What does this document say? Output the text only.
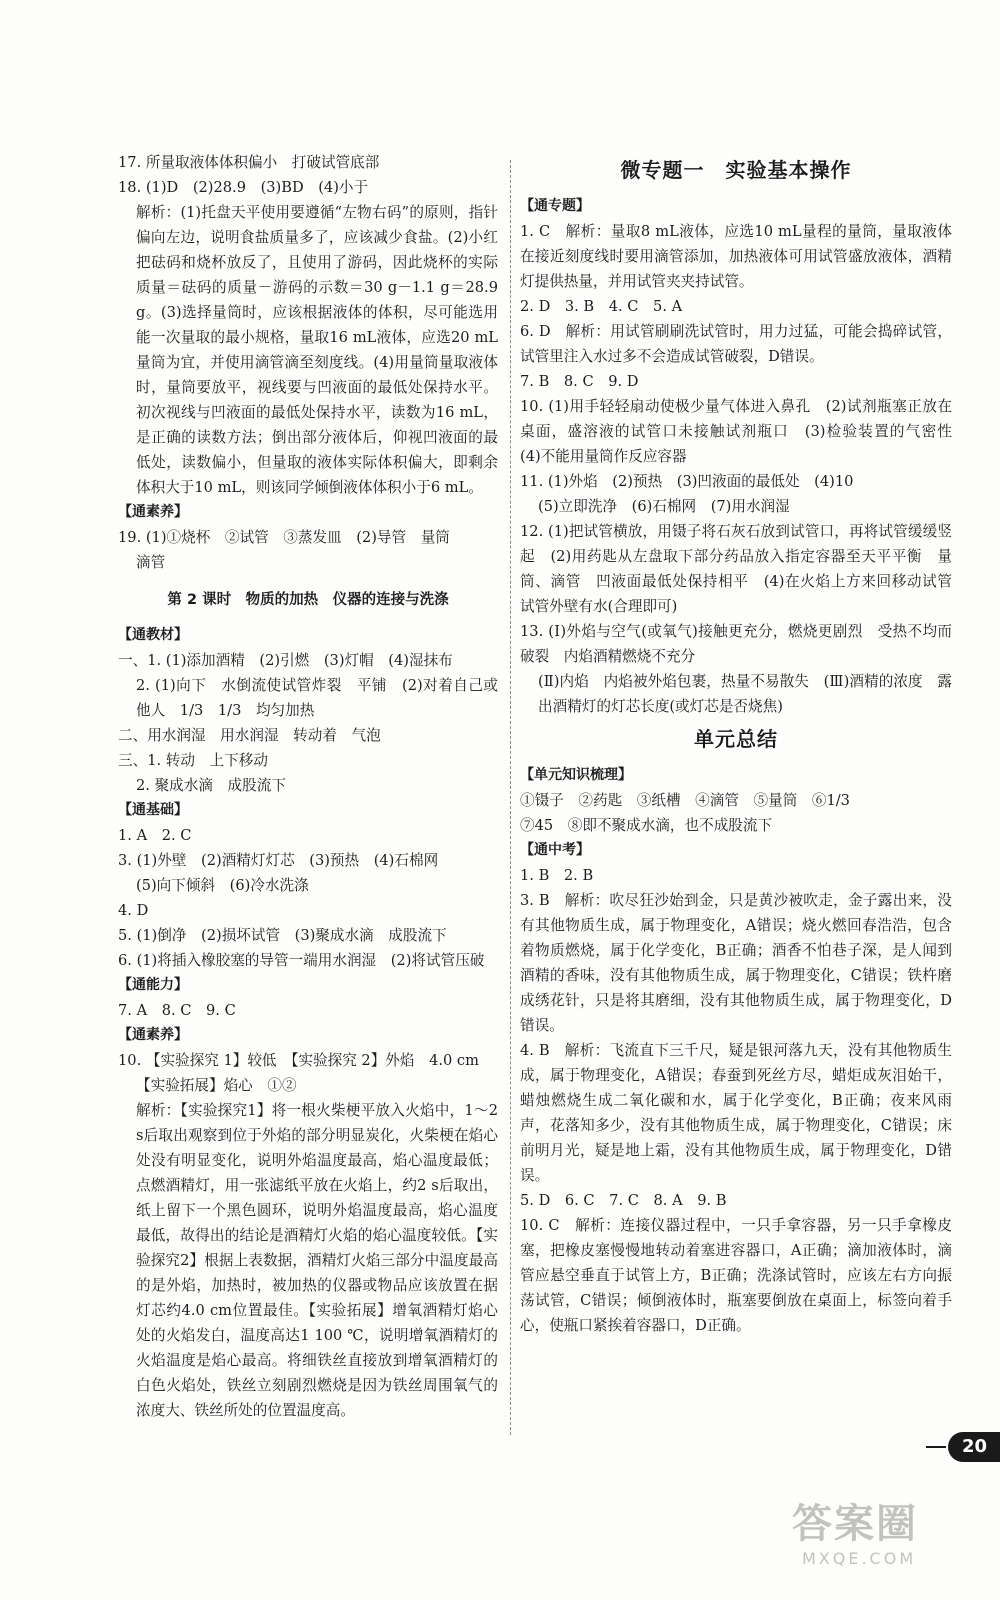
17. 所量取液体体积偏小　打破试管底部
18. (1)D　(2)28.9　(3)BD　(4)小于
解析：(1)托盘天平使用要遵循“左物右码”的原则，指针偏向左边，说明食盐质量多了，应该减少食盐。(2)小红把砝码和烧杯放反了，且使用了游码，因此烧杯的实际质量＝砝码的质量－游码的示数＝30 g－1.1 g＝28.9 g。(3)选择量筒时，应该根据液体的体积，尽可能选用能一次量取的最小规格，量取16 mL液体，应选20 mL量筒为宜，并使用滴管滴至刻度线。(4)用量筒量取液体时，量筒要放平，视线要与凹液面的最低处保持水平。初次视线与凹液面的最低处保持水平，读数为16 mL，是正确的读数方法；倒出部分液体后，仰视凹液面的最低处，读数偏小，但量取的液体实际体积偏大，即剩余体积大于10 mL，则该同学倾倒液体体积小于6 mL。
【通素养】
19. (1)①烧杯　②试管　③蒸发皿　(2)导管　量筒
滴管
第 2 课时　物质的加热　仪器的连接与洗涤
【通教材】
一、1. (1)添加酒精　(2)引燃　(3)灯帽　(4)湿抹布
2. (1)向下　水倒流使试管炸裂　平铺　(2)对着自己或他人　1/3　1/3　均匀加热
二、用水润湿　用水润湿　转动着　气泡
三、1. 转动　上下移动
2. 聚成水滴　成股流下
【通基础】
1. A　2. C
3. (1)外壁　(2)酒精灯灯芯　(3)预热　(4)石棉网
(5)向下倾斜　(6)冷水洗涤
4. D
5. (1)倒净　(2)损坏试管　(3)聚成水滴　成股流下
6. (1)将插入橡胶塞的导管一端用水润湿　(2)将试管压破
【通能力】
7. A　8. C　9. C
【通素养】
10. 【实验探究 1】较低　【实验探究 2】外焰　4.0 cm
【实验拓展】焰心　①②
解析：【实验探究1】将一根火柴梗平放入火焰中，1～2 s后取出观察到位于外焰的部分明显炭化，火柴梗在焰心处没有明显变化，说明外焰温度最高，焰心温度最低；点燃酒精灯，用一张滤纸平放在火焰上，约2 s后取出，纸上留下一个黑色圆环，说明外焰温度最高，焰心温度最低，故得出的结论是酒精灯火焰的焰心温度较低。【实验探究2】根据上表数据，酒精灯火焰三部分中温度最高的是外焰，加热时，被加热的仪器或物品应该放置在据灯芯约4.0 cm位置最佳。【实验拓展】增氧酒精灯焰心处的火焰发白，温度高达1 100 ℃，说明增氧酒精灯的火焰温度是焰心最高。将细铁丝直接放到增氧酒精灯的白色火焰处，铁丝立刻剧烈燃烧是因为铁丝周围氧气的浓度大、铁丝所处的位置温度高。
微专题一　实验基本操作
【通专题】
1. C　解析：量取8 mL液体，应选10 mL量程的量筒，量取液体在接近刻度线时要用滴管添加，加热液体可用试管盛放液体，酒精灯提供热量，并用试管夹夹持试管。
2. D　3. B　4. C　5. A
6. D　解析：用试管刷刷洗试管时，用力过猛，可能会捣碎试管，试管里注入水过多不会造成试管破裂，D错误。
7. B　8. C　9. D
10. (1)用手轻轻扇动使极少量气体进入鼻孔　(2)试剂瓶塞正放在桌面，盛溶液的试管口未接触试剂瓶口　(3)检验装置的气密性　(4)不能用量筒作反应容器
11. (1)外焰　(2)预热　(3)凹液面的最低处　(4)10
(5)立即洗净　(6)石棉网　(7)用水润湿
12. (1)把试管横放，用镊子将石灰石放到试管口，再将试管缓缓竖起　(2)用药匙从左盘取下部分药品放入指定容器至天平平衡　量筒、滴管　凹液面最低处保持相平　(4)在火焰上方来回移动试管　试管外壁有水(合理即可)
13. (Ⅰ)外焰与空气(或氧气)接触更充分，燃烧更剧烈　受热不均而破裂　内焰酒精燃烧不充分
(Ⅱ)内焰　内焰被外焰包裹，热量不易散失　(Ⅲ)酒精的浓度　露出酒精灯的灯芯长度(或灯芯是否烧焦)
单元总结
【单元知识梳理】
①镊子　②药匙　③纸槽　④滴管　⑤量筒　⑥1/3
⑦45　⑧即不聚成水滴，也不成股流下
【通中考】
1. B　2. B
3. B　解析：吹尽狂沙始到金，只是黄沙被吹走，金子露出来，没有其他物质生成，属于物理变化，A错误；烧火燃回春浩浩，包含着物质燃烧，属于化学变化，B正确；酒香不怕巷子深，是人闻到酒精的香味，没有其他物质生成，属于物理变化，C错误；铁杵磨成绣花针，只是将其磨细，没有其他物质生成，属于物理变化，D错误。
4. B　解析：飞流直下三千尺，疑是银河落九天，没有其他物质生成，属于物理变化，A错误；春蚕到死丝方尽，蜡炬成灰泪始干，蜡烛燃烧生成二氧化碳和水，属于化学变化，B正确；夜来风雨声，花落知多少，没有其他物质生成，属于物理变化，C错误；床前明月光，疑是地上霜，没有其他物质生成，属于物理变化，D错误。
5. D　6. C　7. C　8. A　9. B
10. C　解析：连接仪器过程中，一只手拿容器，另一只手拿橡皮塞，把橡皮塞慢慢地转动着塞进容器口，A正确；滴加液体时，滴管应悬空垂直于试管上方，B正确；洗涤试管时，应该左右方向振荡试管，C错误；倾倒液体时，瓶塞要倒放在桌面上，标签向着手心，使瓶口紧挨着容器口，D正确。
20
答案圈
MXQE.COM
